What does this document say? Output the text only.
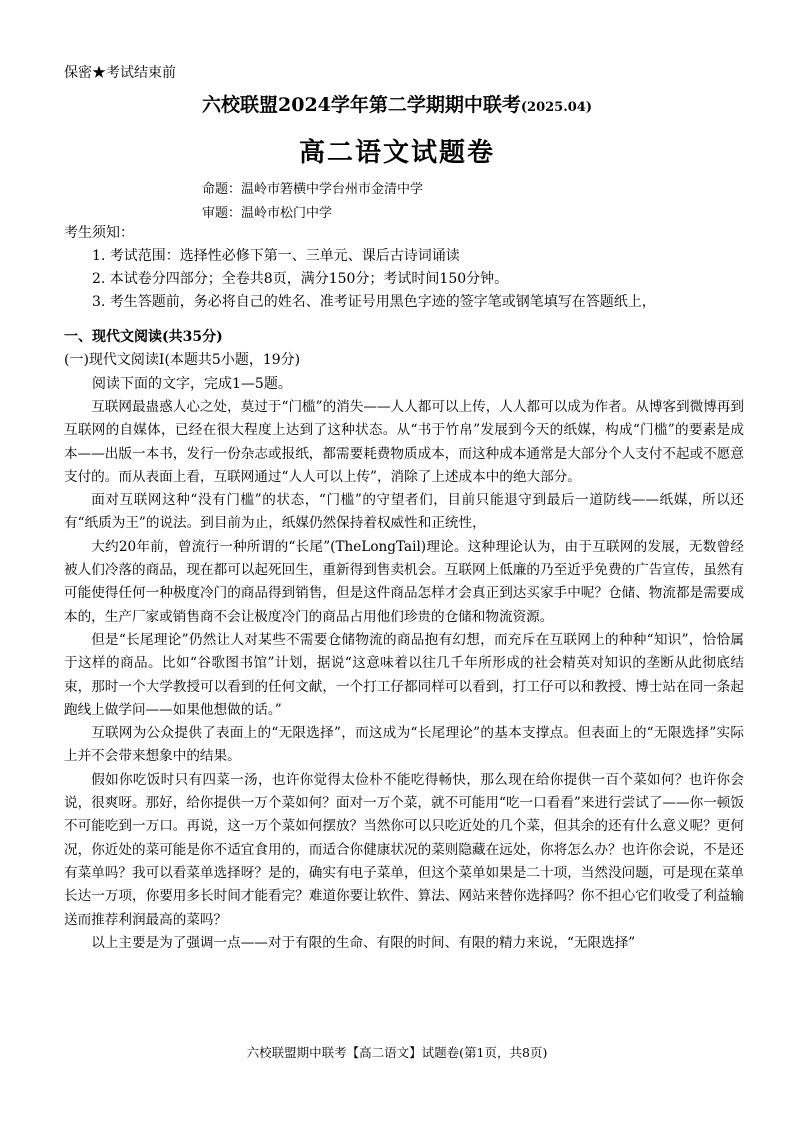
保密★考试结束前
六校联盟2024学年第二学期期中联考(2025.04)
高二语文试题卷
命题：温岭市箬横中学台州市金清中学
审题：温岭市松门中学
考生须知：
1. 考试范围：选择性必修下第一、三单元、课后古诗词诵读
2. 本试卷分四部分；全卷共8页，满分150分；考试时间150分钟。
3. 考生答题前，务必将自己的姓名、准考证号用黑色字迹的签字笔或钢笔填写在答题纸上，
一、现代文阅读(共35分)
(一)现代文阅读I(本题共5小题，19分)
阅读下面的文字，完成1—5题。

互联网最蛊惑人心之处，莫过于“门槛”的消失——人人都可以上传，人人都可以成为作者。从博客到微博再到互联网的自媒体，已经在很大程度上达到了这种状态。从“书于竹帛”发展到今天的纸媒，构成“门槛”的要素是成本——出版一本书，发行一份杂志或报纸，都需要耗费物质成本，而这种成本通常是大部分个人支付不起或不愿意支付的。而从表面上看，互联网通过“人人可以上传”，消除了上述成本中的绝大部分。

面对互联网这种“没有门槛”的状态，“门槛”的守望者们，目前只能退守到最后一道防线——纸媒，所以还有“纸质为王”的说法。到目前为止，纸媒仍然保持着权威性和正统性，

大约20年前，曾流行一种所谓的“长尾”(TheLongTail)理论。这种理论认为，由于互联网的发展，无数曾经被人们冷落的商品，现在都可以起死回生，重新得到售卖机会。互联网上低廉的乃至近乎免费的广告宣传，虽然有可能使得任何一种极度冷门的商品得到销售，但是这件商品怎样才会真正到达买家手中呢？仓储、物流都是需要成本的，生产厂家或销售商不会让极度冷门的商品占用他们珍贵的仓储和物流资源。

但是“长尾理论”仍然让人对某些不需要仓储物流的商品抱有幻想，而充斥在互联网上的种种“知识”，恰恰属于这样的商品。比如“谷歌图书馆”计划，据说“这意味着以往几千年所形成的社会精英对知识的垄断从此彻底结束，那时一个大学教授可以看到的任何文献，一个打工仔都同样可以看到，打工仔可以和教授、博士站在同一条起跑线上做学问——如果他想做的话。”

互联网为公众提供了表面上的“无限选择”，而这成为“长尾理论”的基本支撑点。但表面上的“无限选择”实际上并不会带来想象中的结果。

假如你吃饭时只有四菜一汤，也许你觉得太俭朴不能吃得畅快，那么现在给你提供一百个菜如何？也许你会说，很爽呀。那好，给你提供一万个菜如何？面对一万个菜，就不可能用“吃一口看看”来进行尝试了——你一顿饭不可能吃到一万口。再说，这一万个菜如何摆放？当然你可以只吃近处的几个菜，但其余的还有什么意义呢？更何况，你近处的菜可能是你不适宜食用的，而适合你健康状况的菜则隐藏在远处，你将怎么办？也许你会说，不是还有菜单吗？我可以看菜单选择呀？是的，确实有电子菜单，但这个菜单如果是二十项，当然没问题，可是现在菜单长达一万项，你要用多长时间才能看完？难道你要让软件、算法、网站来替你选择吗？你不担心它们收受了利益输送而推荐利润最高的菜吗？

以上主要是为了强调一点——对于有限的生命、有限的时间、有限的精力来说，“无限选择”

六校联盟期中联考【高二语文】试题卷(第1页，共8页)
